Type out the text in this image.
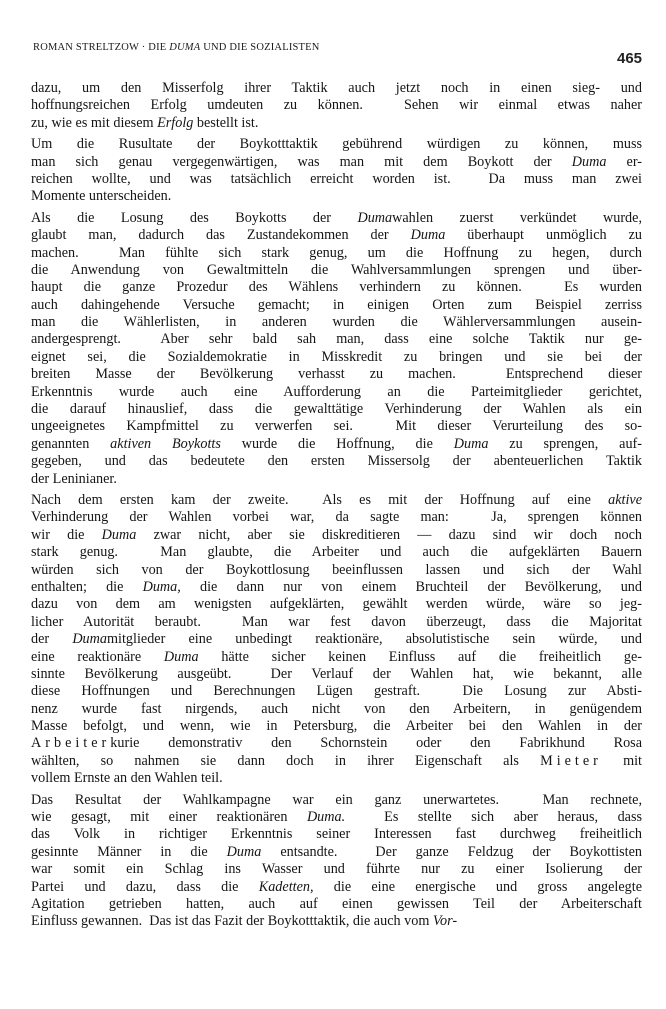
ROMAN STRELTZOW · DIE DUMA UND DIE SOZIALISTEN
465
dazu, um den Misserfolg ihrer Taktik auch jetzt noch in einen sieg- und
hoffnungsreichen Erfolg umdeuten zu können.  Sehen wir einmal etwas naher
zu, wie es mit diesem Erfolg bestellt ist.
Um die Rusultate der Boykotttaktik gebührend würdigen zu können, muss
man sich genau vergegenwärtigen, was man mit dem Boykott der Duma er-
reichen wollte, und was tatsächlich erreicht worden ist.  Da muss man zwei
Momente unterscheiden.
Als die Losung des Boykotts der Dumawahlen zuerst verkündet wurde,
glaubt man, dadurch das Zustandekommen der Duma überhaupt unmöglich zu
machen.  Man fühlte sich stark genug, um die Hoffnung zu hegen, durch
die Anwendung von Gewaltmitteln die Wahlversammlungen sprengen und über-
haupt die ganze Prozedur des Wählens verhindern zu können.  Es wurden
auch dahingehende Versuche gemacht; in einigen Orten zum Beispiel zerriss
man die Wählerlisten, in anderen wurden die Wählerversammlungen ausein-
andergesprengt.  Aber sehr bald sah man, dass eine solche Taktik nur ge-
eignet sei, die Sozialdemokratie in Misskredit zu bringen und sie bei der
breiten Masse der Bevölkerung verhasst zu machen.  Entsprechend dieser
Erkenntnis wurde auch eine Aufforderung an die Parteimitglieder gerichtet,
die darauf hinauslief, dass die gewalttätige Verhinderung der Wahlen als ein
ungeeignetes Kampfmittel zu verwerfen sei.  Mit dieser Verurteilung des so-
genannten aktiven Boykotts wurde die Hoffnung, die Duma zu sprengen, auf-
gegeben, und das bedeutete den ersten Missersolg der abenteuerlichen Taktik
der Leninianer.
Nach dem ersten kam der zweite.  Als es mit der Hoffnung auf eine aktive
Verhinderung der Wahlen vorbei war, da sagte man:  Ja, sprengen können
wir die Duma zwar nicht, aber sie diskreditieren — dazu sind wir doch noch
stark genug.  Man glaubte, die Arbeiter und auch die aufgeklärten Bauern
würden sich von der Boykottlosung beeinflussen lassen und sich der Wahl
enthalten; die Duma, die dann nur von einem Bruchteil der Bevölkerung, und
dazu von dem am wenigsten aufgeklärten, gewählt werden würde, wäre so jeg-
licher Autorität beraubt.  Man war fest davon überzeugt, dass die Majoritat
der Dumamitglieder eine unbedingt reaktionäre, absolutistische sein würde, und
eine reaktionäre Duma hätte sicher keinen Einfluss auf die freiheitlich ge-
sinnte Bevölkerung ausgeübt.  Der Verlauf der Wahlen hat, wie bekannt, alle
diese Hoffnungen und Berechnungen Lügen gestraft.  Die Losung zur Absti-
nenz wurde fast nirgends, auch nicht von den Arbeitern, in genügendem
Masse befolgt, und wenn, wie in Petersburg, die Arbeiter bei den Wahlen in der
Arbeiterkurie demonstrativ den Schornstein oder den Fabrikhund Rosa
wählten, so nahmen sie dann doch in ihrer Eigenschaft als Mieter mit
vollem Ernste an den Wahlen teil.
Das Resultat der Wahlkampagne war ein ganz unerwartetes.  Man rechnete,
wie gesagt, mit einer reaktionären Duma.  Es stellte sich aber heraus, dass
das Volk in richtiger Erkenntnis seiner Interessen fast durchweg freiheitlich
gesinnte Männer in die Duma entsandte.  Der ganze Feldzug der Boykottisten
war somit ein Schlag ins Wasser und führte nur zu einer Isolierung der
Partei und dazu, dass die Kadetten, die eine energische und gross angelegte
Agitation getrieben hatten, auch auf einen gewissen Teil der Arbeiterschaft
Einfluss gewannen.  Das ist das Fazit der Boykotttaktik, die auch vom Vor-
